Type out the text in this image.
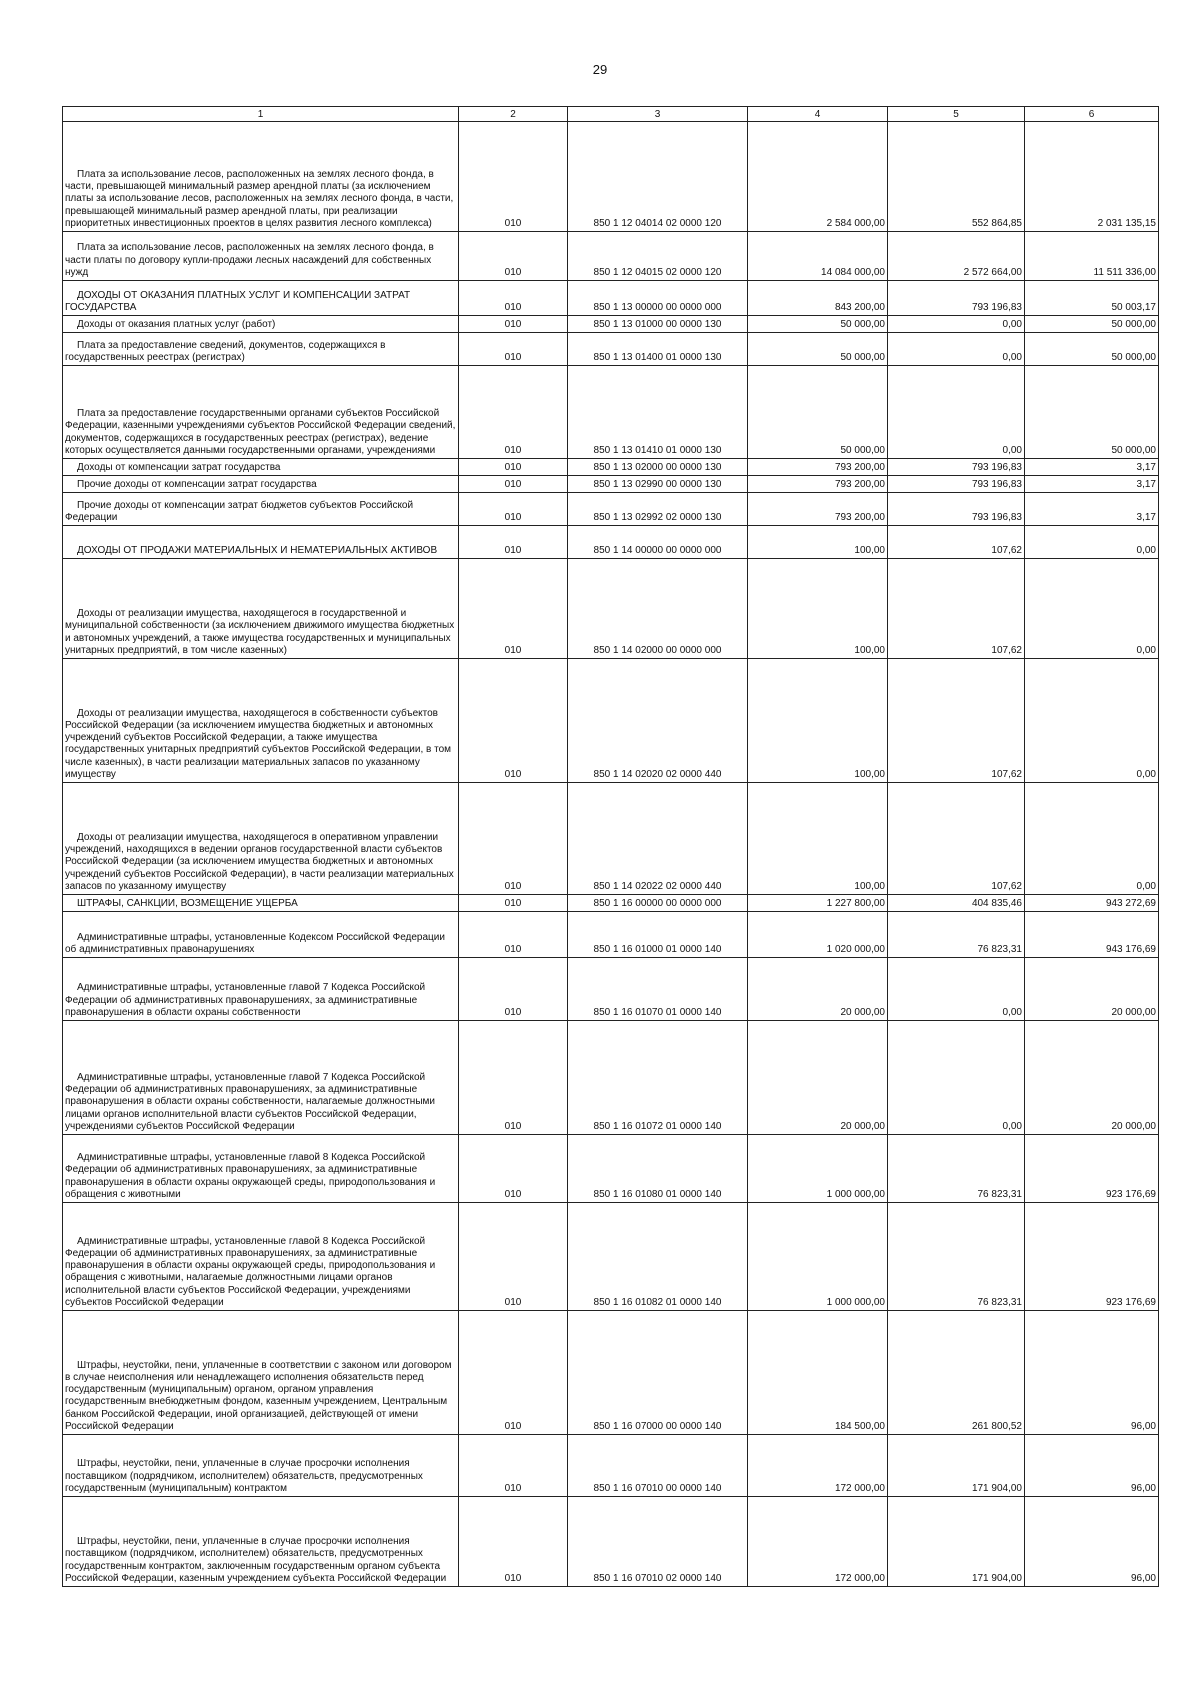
29
1	2	3	4	5	6
Плата за использование лесов, расположенных на землях лесного фонда, в части, превышающей минимальный размер арендной платы (за исключением платы за использование лесов, расположенных на землях лесного фонда, в части, превышающей минимальный размер арендной платы, при реализации приоритетных инвестиционных проектов в целях развития лесного комплекса)	010	850 1 12 04014 02 0000 120	2 584 000,00	552 864,85	2 031 135,15
Плата за использование лесов, расположенных на землях лесного фонда, в части платы по договору купли-продажи лесных насаждений для собственных нужд	010	850 1 12 04015 02 0000 120	14 084 000,00	2 572 664,00	11 511 336,00
ДОХОДЫ ОТ ОКАЗАНИЯ ПЛАТНЫХ УСЛУГ И КОМПЕНСАЦИИ ЗАТРАТ ГОСУДАРСТВА	010	850 1 13 00000 00 0000 000	843 200,00	793 196,83	50 003,17
Доходы от оказания платных услуг (работ)	010	850 1 13 01000 00 0000 130	50 000,00	0,00	50 000,00
Плата за предоставление сведений, документов, содержащихся в государственных реестрах (регистрах)	010	850 1 13 01400 01 0000 130	50 000,00	0,00	50 000,00
Плата за предоставление государственными органами субъектов Российской Федерации, казенными учреждениями субъектов Российской Федерации сведений, документов, содержащихся в государственных реестрах (регистрах), ведение которых осуществляется данными государственными органами, учреждениями	010	850 1 13 01410 01 0000 130	50 000,00	0,00	50 000,00
Доходы от компенсации затрат государства	010	850 1 13 02000 00 0000 130	793 200,00	793 196,83	3,17
Прочие доходы от компенсации затрат государства	010	850 1 13 02990 00 0000 130	793 200,00	793 196,83	3,17
Прочие доходы от компенсации затрат бюджетов субъектов Российской Федерации	010	850 1 13 02992 02 0000 130	793 200,00	793 196,83	3,17
ДОХОДЫ ОТ ПРОДАЖИ МАТЕРИАЛЬНЫХ И НЕМАТЕРИАЛЬНЫХ АКТИВОВ	010	850 1 14 00000 00 0000 000	100,00	107,62	0,00
Доходы от реализации имущества, находящегося в государственной и муниципальной собственности (за исключением движимого имущества бюджетных и автономных учреждений, а также имущества государственных и муниципальных унитарных предприятий, в том числе казенных)	010	850 1 14 02000 00 0000 000	100,00	107,62	0,00
Доходы от реализации имущества, находящегося в собственности субъектов Российской Федерации (за исключением имущества бюджетных и автономных учреждений субъектов Российской Федерации, а также имущества государственных унитарных предприятий субъектов Российской Федерации, в том числе казенных), в части реализации материальных запасов по указанному имуществу	010	850 1 14 02020 02 0000 440	100,00	107,62	0,00
Доходы от реализации имущества, находящегося в оперативном управлении учреждений, находящихся в ведении органов государственной власти субъектов Российской Федерации (за исключением имущества бюджетных и автономных учреждений субъектов Российской Федерации), в части реализации материальных запасов по указанному имуществу	010	850 1 14 02022 02 0000 440	100,00	107,62	0,00
ШТРАФЫ, САНКЦИИ, ВОЗМЕЩЕНИЕ УЩЕРБА	010	850 1 16 00000 00 0000 000	1 227 800,00	404 835,46	943 272,69
Административные штрафы, установленные Кодексом Российской Федерации об административных правонарушениях	010	850 1 16 01000 01 0000 140	1 020 000,00	76 823,31	943 176,69
Административные штрафы, установленные главой 7 Кодекса Российской Федерации об административных правонарушениях, за административные правонарушения в области охраны собственности	010	850 1 16 01070 01 0000 140	20 000,00	0,00	20 000,00
Административные штрафы, установленные главой 7 Кодекса Российской Федерации об административных правонарушениях, за административные правонарушения в области охраны собственности, налагаемые должностными лицами органов исполнительной власти субъектов Российской Федерации, учреждениями субъектов Российской Федерации	010	850 1 16 01072 01 0000 140	20 000,00	0,00	20 000,00
Административные штрафы, установленные главой 8 Кодекса Российской Федерации об административных правонарушениях, за административные правонарушения в области охраны окружающей среды, природопользования и обращения с животными	010	850 1 16 01080 01 0000 140	1 000 000,00	76 823,31	923 176,69
Административные штрафы, установленные главой 8 Кодекса Российской Федерации об административных правонарушениях, за административные правонарушения в области охраны окружающей среды, природопользования и обращения с животными, налагаемые должностными лицами органов исполнительной власти субъектов Российской Федерации, учреждениями субъектов Российской Федерации	010	850 1 16 01082 01 0000 140	1 000 000,00	76 823,31	923 176,69
Штрафы, неустойки, пени, уплаченные в соответствии с законом или договором в случае неисполнения или ненадлежащего исполнения обязательств перед государственным (муниципальным) органом, органом управления государственным внебюджетным фондом, казенным учреждением, Центральным банком Российской Федерации, иной организацией, действующей от имени Российской Федерации	010	850 1 16 07000 00 0000 140	184 500,00	261 800,52	96,00
Штрафы, неустойки, пени, уплаченные в случае просрочки исполнения поставщиком (подрядчиком, исполнителем) обязательств, предусмотренных государственным (муниципальным) контрактом	010	850 1 16 07010 00 0000 140	172 000,00	171 904,00	96,00
Штрафы, неустойки, пени, уплаченные в случае просрочки исполнения поставщиком (подрядчиком, исполнителем) обязательств, предусмотренных государственным контрактом, заключенным государственным органом субъекта Российской Федерации, казенным учреждением субъекта Российской Федерации	010	850 1 16 07010 02 0000 140	172 000,00	171 904,00	96,00
